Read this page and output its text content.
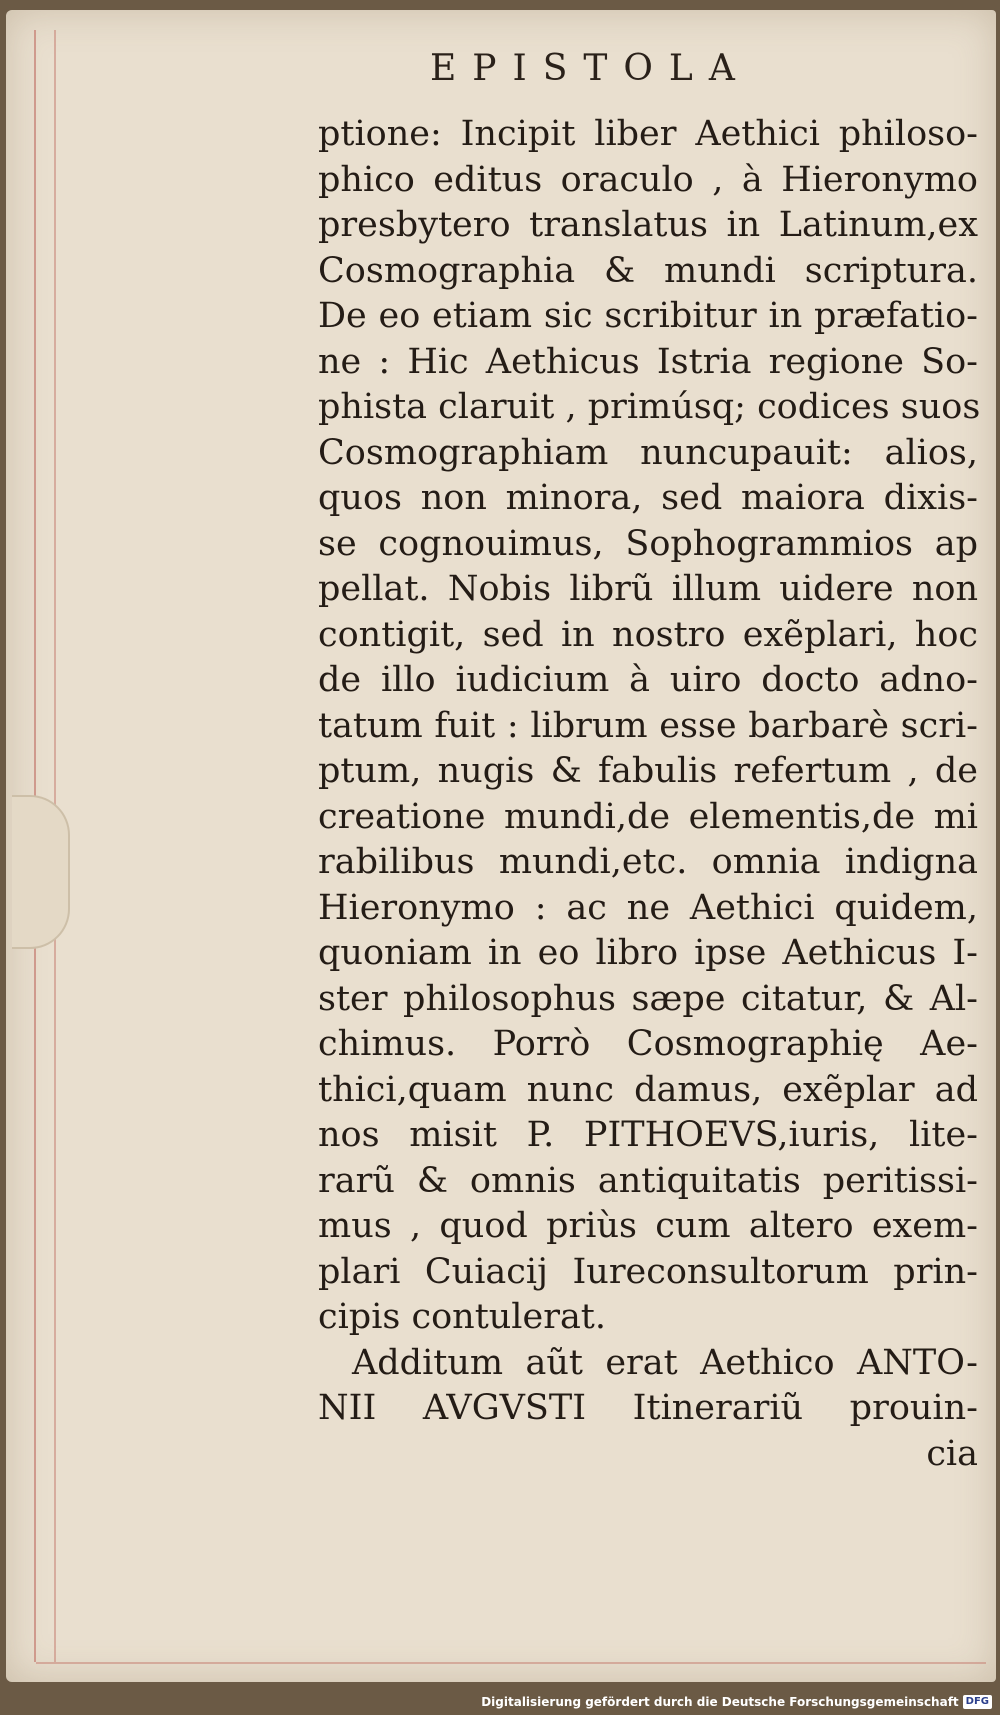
EPISTOLA
ptione: Incipit liber Aethici philoso-
phico editus oraculo , à Hieronymo
presbytero translatus in Latinum,ex
Cosmographia & mundi scriptura.
De eo etiam sic scribitur in præfatio-
ne : Hic Aethicus Istria regione So-
phista claruit , primúsq; codices suos
Cosmographiam nuncupauit: alios,
quos non minora, sed maiora dixis-
se cognouimus, Sophogrammios ap
pellat. Nobis librũ illum uidere non
contigit, sed in nostro exẽplari, hoc
de illo iudicium à uiro docto adno-
tatum fuit : librum esse barbarè scri-
ptum, nugis & fabulis refertum , de
creatione mundi,de elementis,de mi
rabilibus mundi,etc. omnia indigna
Hieronymo : ac ne Aethici quidem,
quoniam in eo libro ipse Aethicus I-
ster philosophus sæpe citatur, & Al-
chimus. Porrò Cosmographię Ae-
thici,quam nunc damus, exẽplar ad
nos misit P. PITHOEVS,iuris, lite-
rarũ & omnis antiquitatis peritissi-
mus , quod priùs cum altero exem-
plari Cuiacij Iureconsultorum prin-
cipis contulerat.
Additum aũt erat Aethico ANTO-
NII AVGVSTI Itinerariũ prouin-
cia
Digitalisierung gefördert durch die Deutsche Forschungsgemeinschaft DFG
